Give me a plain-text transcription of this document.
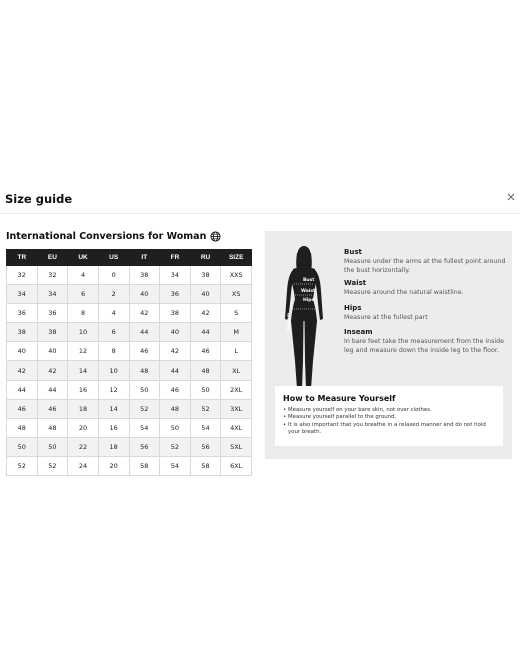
Size guide
International Conversions for Woman
TR	EU	UK	US	IT	FR	RU	SIZE
32	32	4	0	38	34	38	XXS
34	34	6	2	40	36	40	XS
36	36	8	4	42	38	42	S
38	38	10	6	44	40	44	M
40	40	12	8	46	42	46	L
42	42	14	10	48	44	48	XL
44	44	16	12	50	46	50	2XL
46	46	18	14	52	48	52	3XL
48	48	20	16	54	50	54	4XL
50	50	22	18	56	52	56	5XL
52	52	24	20	58	54	58	6XL
Bust
Waist
Hips
Inseam
Bust
Measure under the arms at the fullest point around the bust horizontally.
Waist
Measure around the natural waistline.
Hips
Measure at the fullest part
Inseam
In bare feet take the measurement from the inside leg and measure down the inside leg to the floor.
How to Measure Yourself
• Measure yourself on your bare skin, not over clothes.
• Measure yourself parallel to the ground.
• It is also important that you breathe in a relaxed manner and do not hold your breath.
